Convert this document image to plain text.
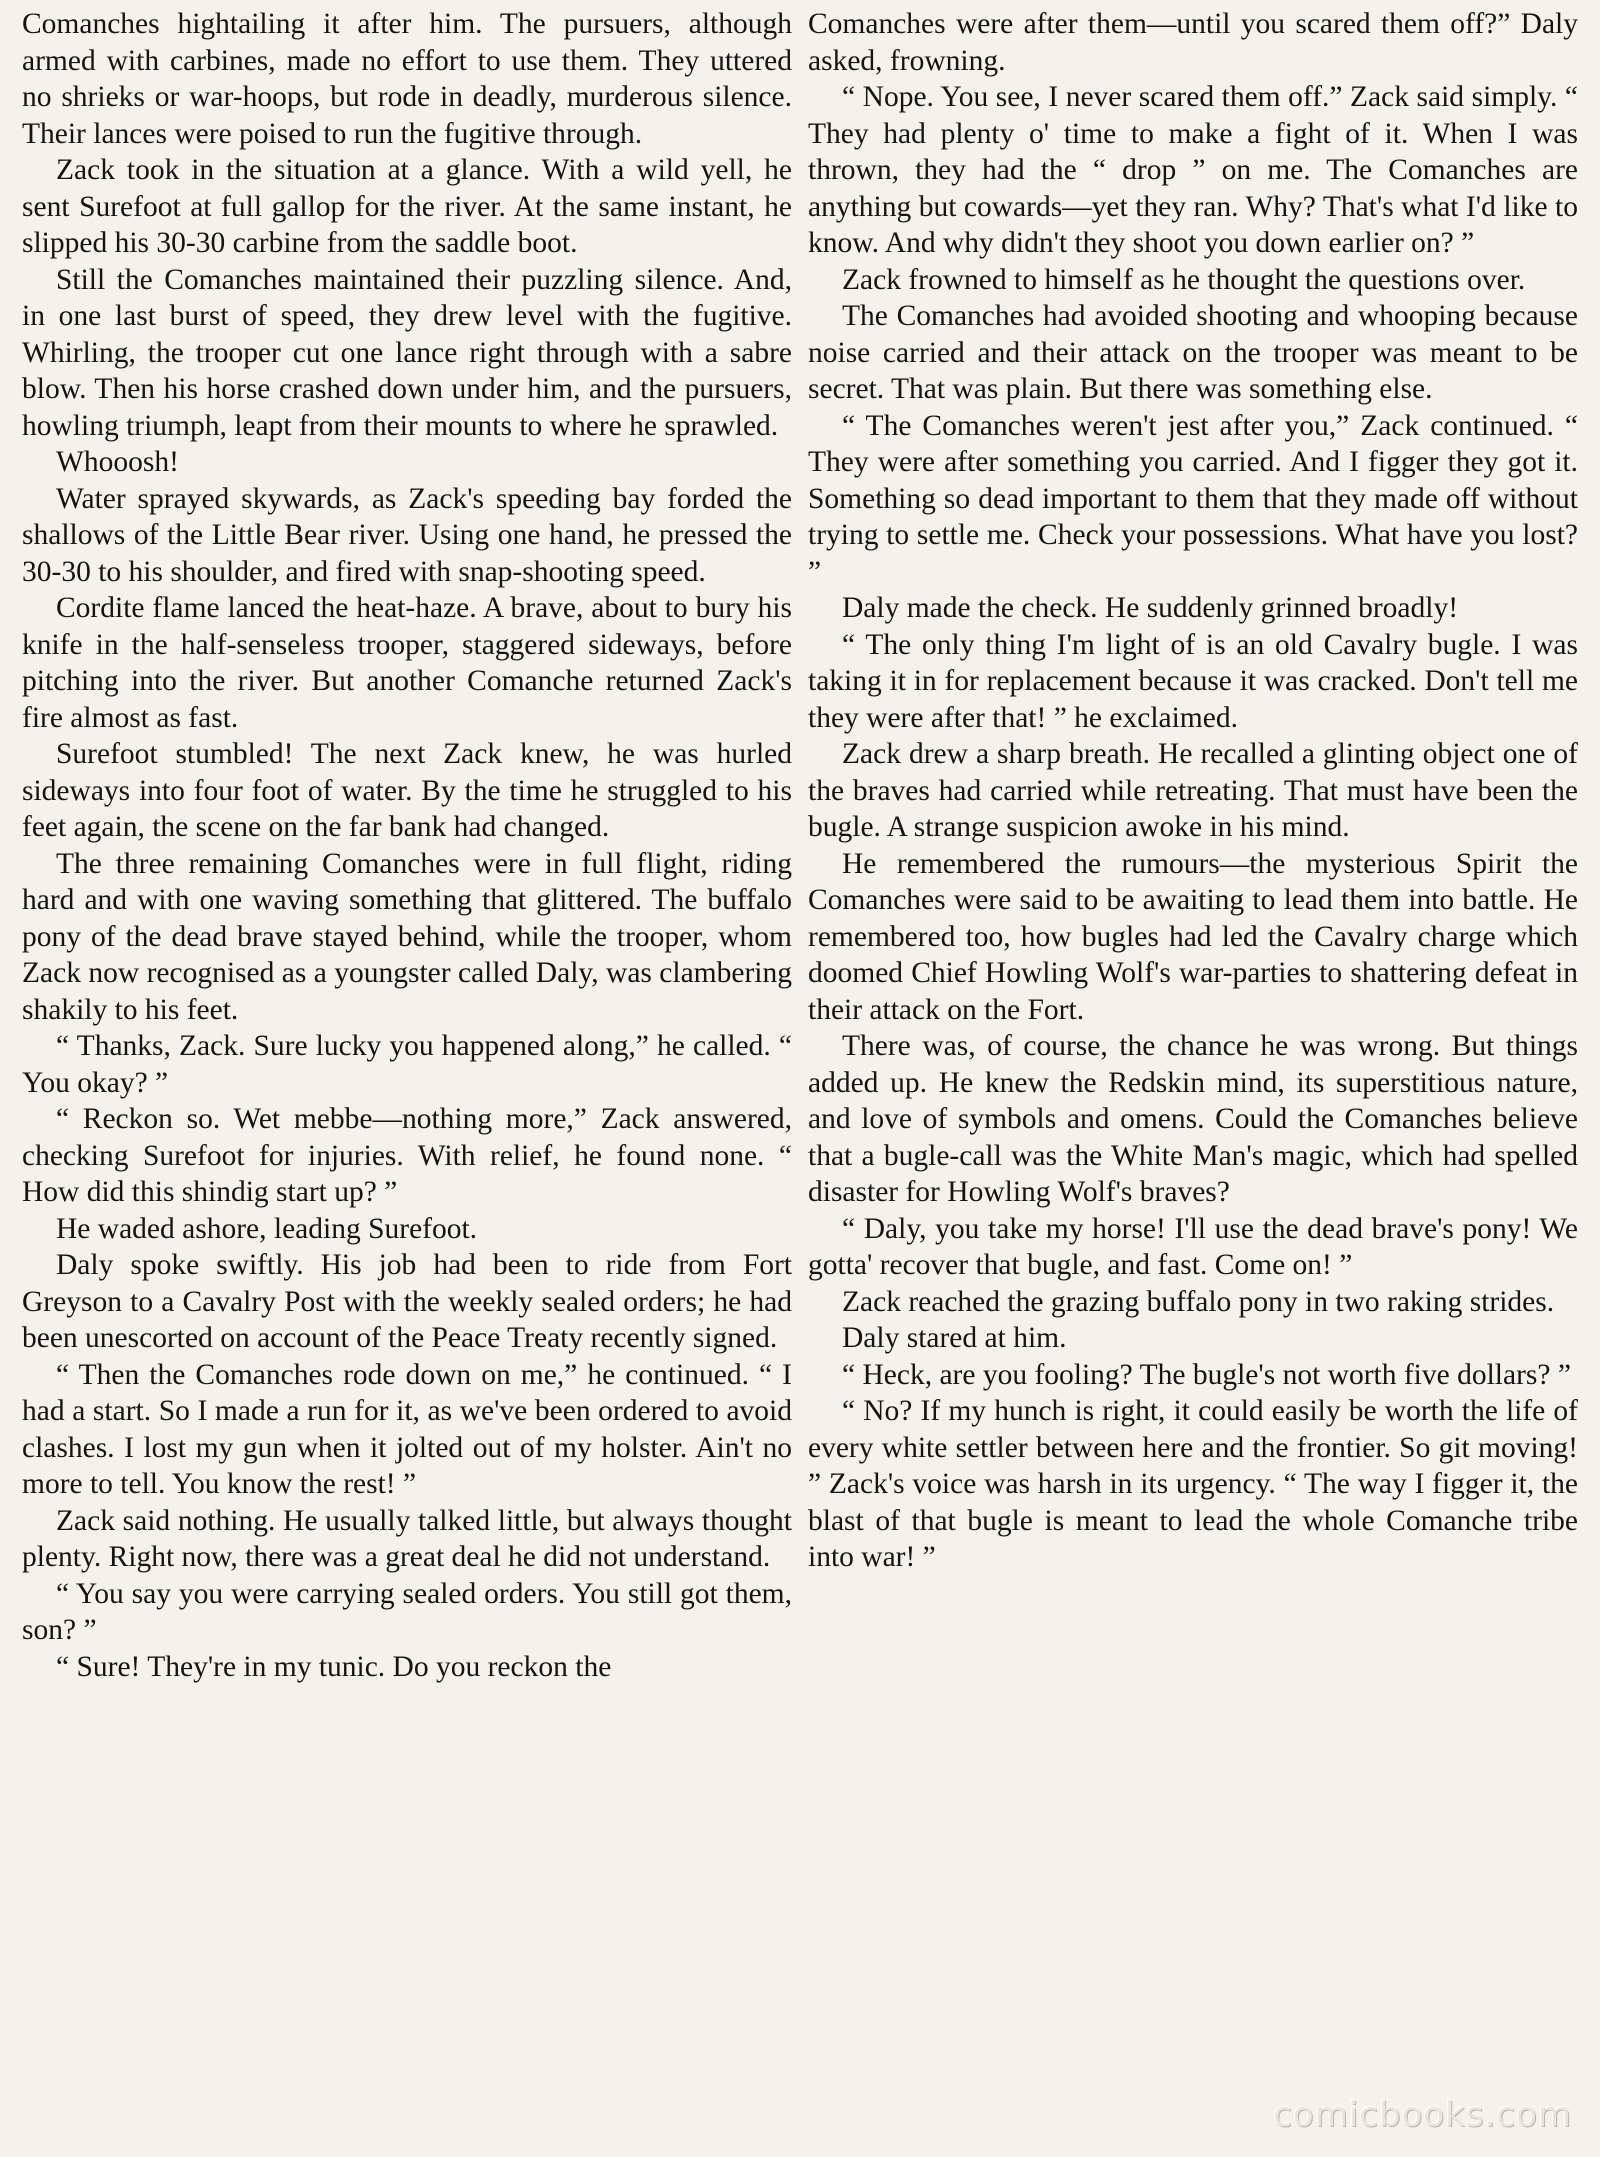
Comanches hightailing it after him. The pursuers, although armed with carbines, made no effort to use them. They uttered no shrieks or war-hoops, but rode in deadly, murderous silence. Their lances were poised to run the fugitive through.

Zack took in the situation at a glance. With a wild yell, he sent Surefoot at full gallop for the river. At the same instant, he slipped his 30-30 carbine from the saddle boot.

Still the Comanches maintained their puzzling silence. And, in one last burst of speed, they drew level with the fugitive. Whirling, the trooper cut one lance right through with a sabre blow. Then his horse crashed down under him, and the pursuers, howling triumph, leapt from their mounts to where he sprawled.

Whooosh!

Water sprayed skywards, as Zack's speeding bay forded the shallows of the Little Bear river. Using one hand, he pressed the 30-30 to his shoulder, and fired with snap-shooting speed.

Cordite flame lanced the heat-haze. A brave, about to bury his knife in the half-senseless trooper, staggered sideways, before pitching into the river. But another Comanche returned Zack's fire almost as fast.

Surefoot stumbled! The next Zack knew, he was hurled sideways into four foot of water. By the time he struggled to his feet again, the scene on the far bank had changed.

The three remaining Comanches were in full flight, riding hard and with one waving something that glittered. The buffalo pony of the dead brave stayed behind, while the trooper, whom Zack now recognised as a youngster called Daly, was clambering shakily to his feet.

“ Thanks, Zack. Sure lucky you happened along,” he called. “ You okay? ”

“ Reckon so. Wet mebbe—nothing more,” Zack answered, checking Surefoot for injuries. With relief, he found none. “ How did this shindig start up? ”

He waded ashore, leading Surefoot.

Daly spoke swiftly. His job had been to ride from Fort Greyson to a Cavalry Post with the weekly sealed orders; he had been unescorted on account of the Peace Treaty recently signed.

“ Then the Comanches rode down on me,” he continued. “ I had a start. So I made a run for it, as we've been ordered to avoid clashes. I lost my gun when it jolted out of my holster. Ain't no more to tell. You know the rest! ”

Zack said nothing. He usually talked little, but always thought plenty. Right now, there was a great deal he did not understand.

“ You say you were carrying sealed orders. You still got them, son? ”

“ Sure! They're in my tunic. Do you reckon the

Comanches were after them—until you scared them off?” Daly asked, frowning.

“ Nope. You see, I never scared them off.” Zack said simply. “ They had plenty o' time to make a fight of it. When I was thrown, they had the “ drop ” on me. The Comanches are anything but cowards—yet they ran. Why? That's what I'd like to know. And why didn't they shoot you down earlier on? ”

Zack frowned to himself as he thought the questions over.

The Comanches had avoided shooting and whooping because noise carried and their attack on the trooper was meant to be secret. That was plain. But there was something else.

“ The Comanches weren't jest after you,” Zack continued. “ They were after something you carried. And I figger they got it. Something so dead important to them that they made off without trying to settle me. Check your possessions. What have you lost? ”

Daly made the check. He suddenly grinned broadly!

“ The only thing I'm light of is an old Cavalry bugle. I was taking it in for replacement because it was cracked. Don't tell me they were after that! ” he exclaimed.

Zack drew a sharp breath. He recalled a glinting object one of the braves had carried while retreating. That must have been the bugle. A strange suspicion awoke in his mind.

He remembered the rumours—the mysterious Spirit the Comanches were said to be awaiting to lead them into battle. He remembered too, how bugles had led the Cavalry charge which doomed Chief Howling Wolf's war-parties to shattering defeat in their attack on the Fort.

There was, of course, the chance he was wrong. But things added up. He knew the Redskin mind, its superstitious nature, and love of symbols and omens. Could the Comanches believe that a bugle-call was the White Man's magic, which had spelled disaster for Howling Wolf's braves?

“ Daly, you take my horse! I'll use the dead brave's pony! We gotta' recover that bugle, and fast. Come on! ”

Zack reached the grazing buffalo pony in two raking strides.

Daly stared at him.

“ Heck, are you fooling? The bugle's not worth five dollars? ”

“ No? If my hunch is right, it could easily be worth the life of every white settler between here and the frontier. So git moving! ” Zack's voice was harsh in its urgency. “ The way I figger it, the blast of that bugle is meant to lead the whole Comanche tribe into war! ”

comicbooks.com
